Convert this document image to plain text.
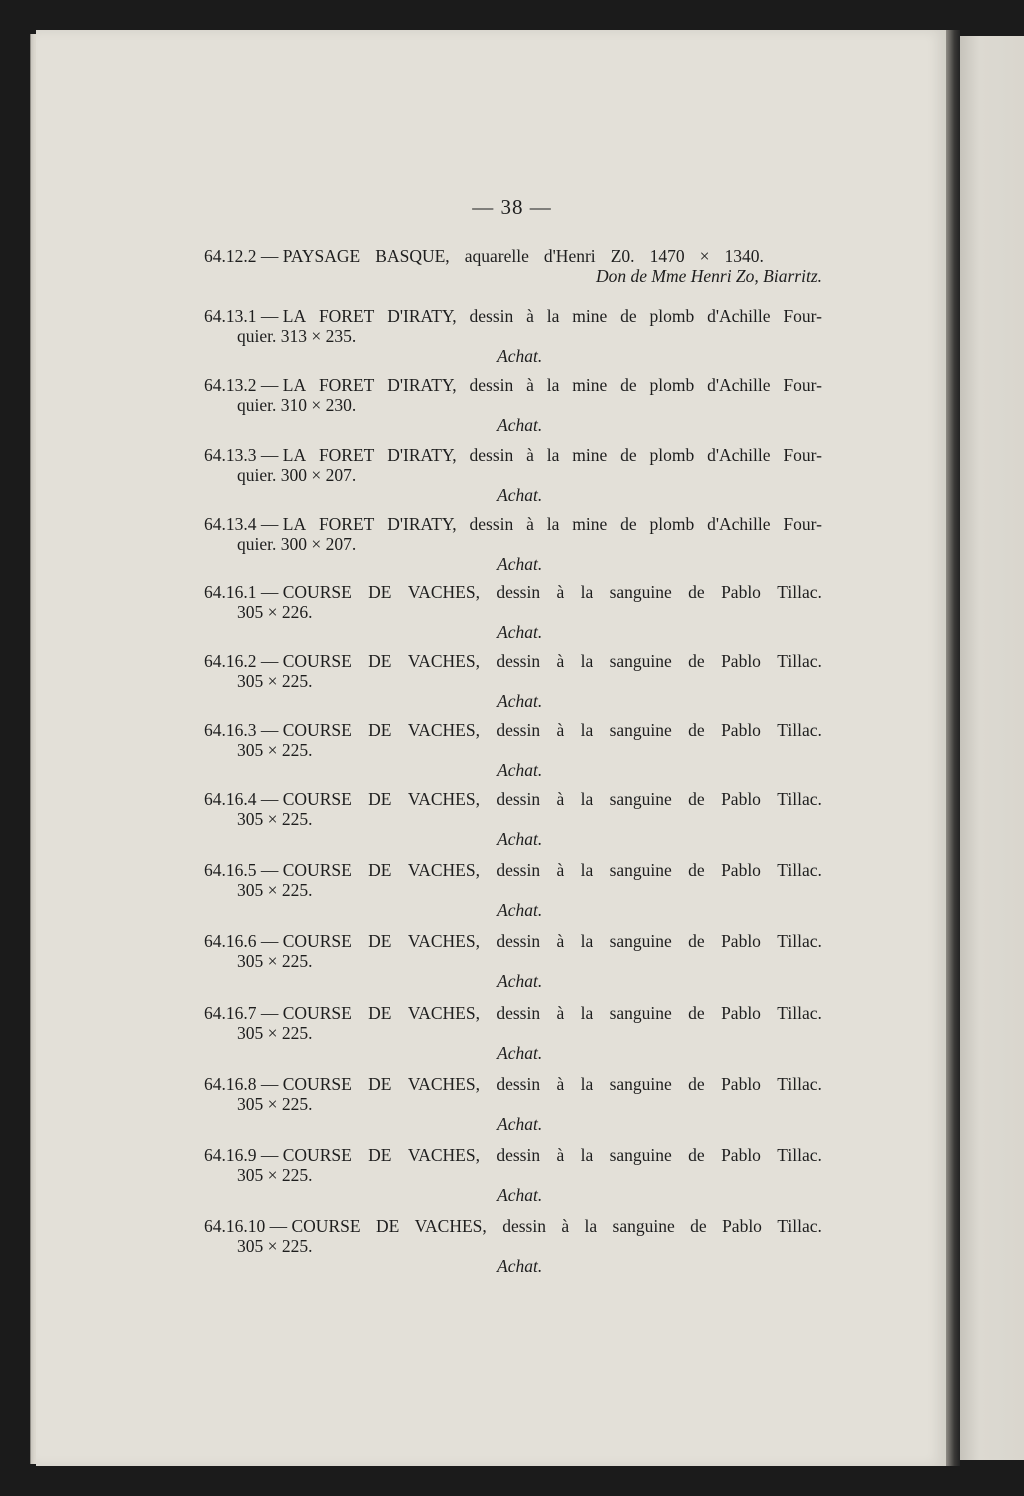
— 38 —
64.12.2 — PAYSAGE BASQUE, aquarelle d'Henri Z0. 1470 × 1340.
Don de Mme Henri Zo, Biarritz.
64.13.1 — LA FORET D'IRATY, dessin à la mine de plomb d'Achille Four-
quier. 313 × 235.
Achat.
64.13.2 — LA FORET D'IRATY, dessin à la mine de plomb d'Achille Four-
quier. 310 × 230.
Achat.
64.13.3 — LA FORET D'IRATY, dessin à la mine de plomb d'Achille Four-
quier. 300 × 207.
Achat.
64.13.4 — LA FORET D'IRATY, dessin à la mine de plomb d'Achille Four-
quier. 300 × 207.
Achat.
64.16.1 — COURSE DE VACHES, dessin à la sanguine de Pablo Tillac.
305 × 226.
Achat.
64.16.2 — COURSE DE VACHES, dessin à la sanguine de Pablo Tillac.
305 × 225.
Achat.
64.16.3 — COURSE DE VACHES, dessin à la sanguine de Pablo Tillac.
305 × 225.
Achat.
64.16.4 — COURSE DE VACHES, dessin à la sanguine de Pablo Tillac.
305 × 225.
Achat.
64.16.5 — COURSE DE VACHES, dessin à la sanguine de Pablo Tillac.
305 × 225.
Achat.
64.16.6 — COURSE DE VACHES, dessin à la sanguine de Pablo Tillac.
305 × 225.
Achat.
64.16.7 — COURSE DE VACHES, dessin à la sanguine de Pablo Tillac.
305 × 225.
Achat.
64.16.8 — COURSE DE VACHES, dessin à la sanguine de Pablo Tillac.
305 × 225.
Achat.
64.16.9 — COURSE DE VACHES, dessin à la sanguine de Pablo Tillac.
305 × 225.
Achat.
64.16.10 — COURSE DE VACHES, dessin à la sanguine de Pablo Tillac.
305 × 225.
Achat.
